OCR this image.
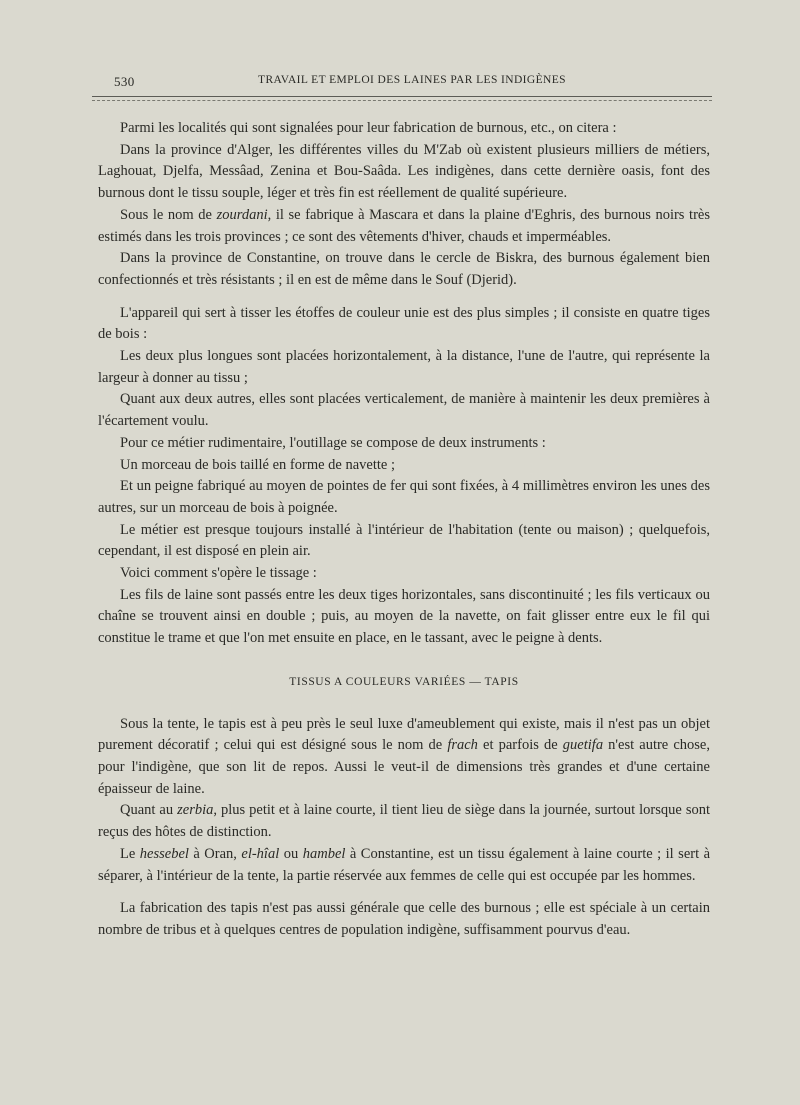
530	TRAVAIL ET EMPLOI DES LAINES PAR LES INDIGÈNES

Parmi les localités qui sont signalées pour leur fabrication de burnous, etc., on citera :

Dans la province d'Alger, les différentes villes du M'Zab où existent plusieurs milliers de métiers, Laghouat, Djelfa, Messâad, Zenina et Bou-Saâda. Les indigènes, dans cette dernière oasis, font des burnous dont le tissu souple, léger et très fin est réellement de qualité supérieure.

Sous le nom de zourdani, il se fabrique à Mascara et dans la plaine d'Eghris, des burnous noirs très estimés dans les trois provinces ; ce sont des vêtements d'hiver, chauds et imperméables.

Dans la province de Constantine, on trouve dans le cercle de Biskra, des burnous également bien confectionnés et très résistants ; il en est de même dans le Souf (Djerid).

L'appareil qui sert à tisser les étoffes de couleur unie est des plus simples ; il consiste en quatre tiges de bois :

Les deux plus longues sont placées horizontalement, à la distance, l'une de l'autre, qui représente la largeur à donner au tissu ;

Quant aux deux autres, elles sont placées verticalement, de manière à maintenir les deux premières à l'écartement voulu.

Pour ce métier rudimentaire, l'outillage se compose de deux instruments :

Un morceau de bois taillé en forme de navette ;

Et un peigne fabriqué au moyen de pointes de fer qui sont fixées, à 4 millimètres environ les unes des autres, sur un morceau de bois à poignée.

Le métier est presque toujours installé à l'intérieur de l'habitation (tente ou maison) ; quelquefois, cependant, il est disposé en plein air.

Voici comment s'opère le tissage :

Les fils de laine sont passés entre les deux tiges horizontales, sans discontinuité ; les fils verticaux ou chaîne se trouvent ainsi en double ; puis, au moyen de la navette, on fait glisser entre eux le fil qui constitue le trame et que l'on met ensuite en place, en le tassant, avec le peigne à dents.

TISSUS A COULEURS VARIÉES — TAPIS

Sous la tente, le tapis est à peu près le seul luxe d'ameublement qui existe, mais il n'est pas un objet purement décoratif ; celui qui est désigné sous le nom de frach et parfois de guetifa n'est autre chose, pour l'indigène, que son lit de repos. Aussi le veut-il de dimensions très grandes et d'une certaine épaisseur de laine.

Quant au zerbia, plus petit et à laine courte, il tient lieu de siège dans la journée, surtout lorsque sont reçus des hôtes de distinction.

Le hessebel à Oran, el-hîal ou hambel à Constantine, est un tissu également à laine courte ; il sert à séparer, à l'intérieur de la tente, la partie réservée aux femmes de celle qui est occupée par les hommes.

La fabrication des tapis n'est pas aussi générale que celle des burnous ; elle est spéciale à un certain nombre de tribus et à quelques centres de population indigène, suffisamment pourvus d'eau.
